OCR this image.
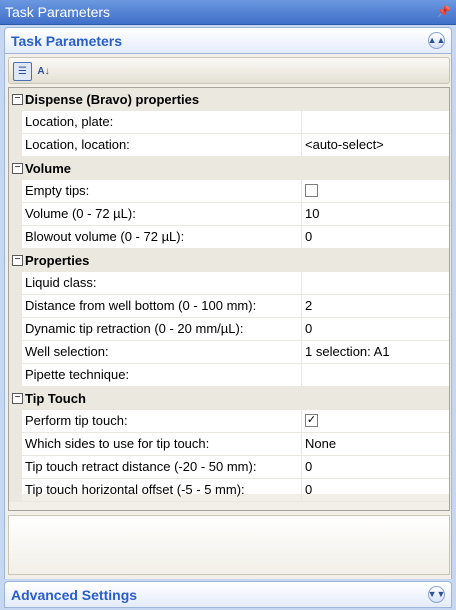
Task Parameters	📌
Task Parameters	▲▲
☰	A↓
− Dispense (Bravo) properties
Location, plate:
Location, location:	<auto-select>
− Volume
Empty tips:
Volume (0 - 72 µL):	10
Blowout volume (0 - 72 µL):	0
− Properties
Liquid class:
Distance from well bottom (0 - 100 mm):	2
Dynamic tip retraction (0 - 20 mm/µL):	0
Well selection:	1 selection: A1
Pipette technique:
− Tip Touch
Perform tip touch:	✓
Which sides to use for tip touch:	None
Tip touch retract distance (-20 - 50 mm):	0
Tip touch horizontal offset (-5 - 5 mm):	0
Advanced Settings	▼▼
